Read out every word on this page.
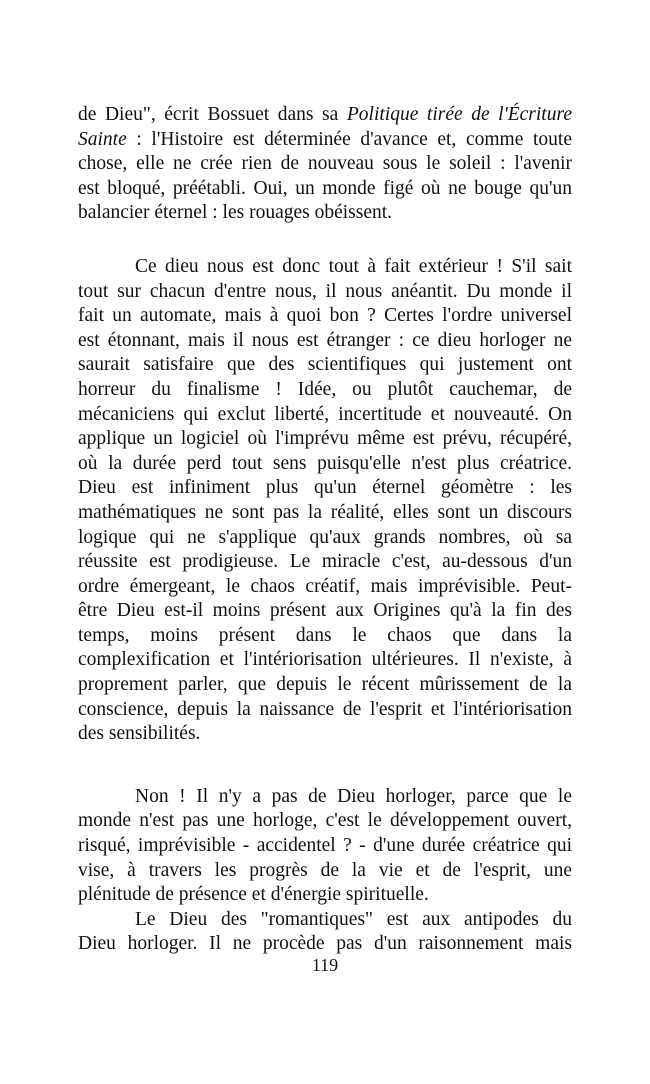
de Dieu", écrit Bossuet dans sa Politique tirée de l'Écriture
Sainte : l'Histoire est déterminée d'avance et, comme toute
chose, elle ne crée rien de nouveau sous le soleil : l'avenir
est bloqué, préétabli. Oui, un monde figé où ne bouge qu'un
balancier éternel : les rouages obéissent.
Ce dieu nous est donc tout à fait extérieur ! S'il sait
tout sur chacun d'entre nous, il nous anéantit. Du monde il
fait un automate, mais à quoi bon ? Certes l'ordre universel
est étonnant, mais il nous est étranger : ce dieu horloger ne
saurait satisfaire que des scientifiques qui justement ont
horreur du finalisme ! Idée, ou plutôt cauchemar, de
mécaniciens qui exclut liberté, incertitude et nouveauté. On
applique un logiciel où l'imprévu même est prévu, récupéré,
où la durée perd tout sens puisqu'elle n'est plus créatrice.
Dieu est infiniment plus qu'un éternel géomètre : les
mathématiques ne sont pas la réalité, elles sont un discours
logique qui ne s'applique qu'aux grands nombres, où sa
réussite est prodigieuse. Le miracle c'est, au-dessous d'un
ordre émergeant, le chaos créatif, mais imprévisible. Peut-
être Dieu est-il moins présent aux Origines qu'à la fin des
temps, moins présent dans le chaos que dans la
complexification et l'intériorisation ultérieures. Il n'existe, à
proprement parler, que depuis le récent mûrissement de la
conscience, depuis la naissance de l'esprit et l'intériorisation
des sensibilités.
Non ! Il n'y a pas de Dieu horloger, parce que le
monde n'est pas une horloge, c'est le développement ouvert,
risqué, imprévisible - accidentel ? - d'une durée créatrice qui
vise, à travers les progrès de la vie et de l'esprit, une
plénitude de présence et d'énergie spirituelle.
Le Dieu des "romantiques" est aux antipodes du
Dieu horloger. Il ne procède pas d'un raisonnement mais
119
